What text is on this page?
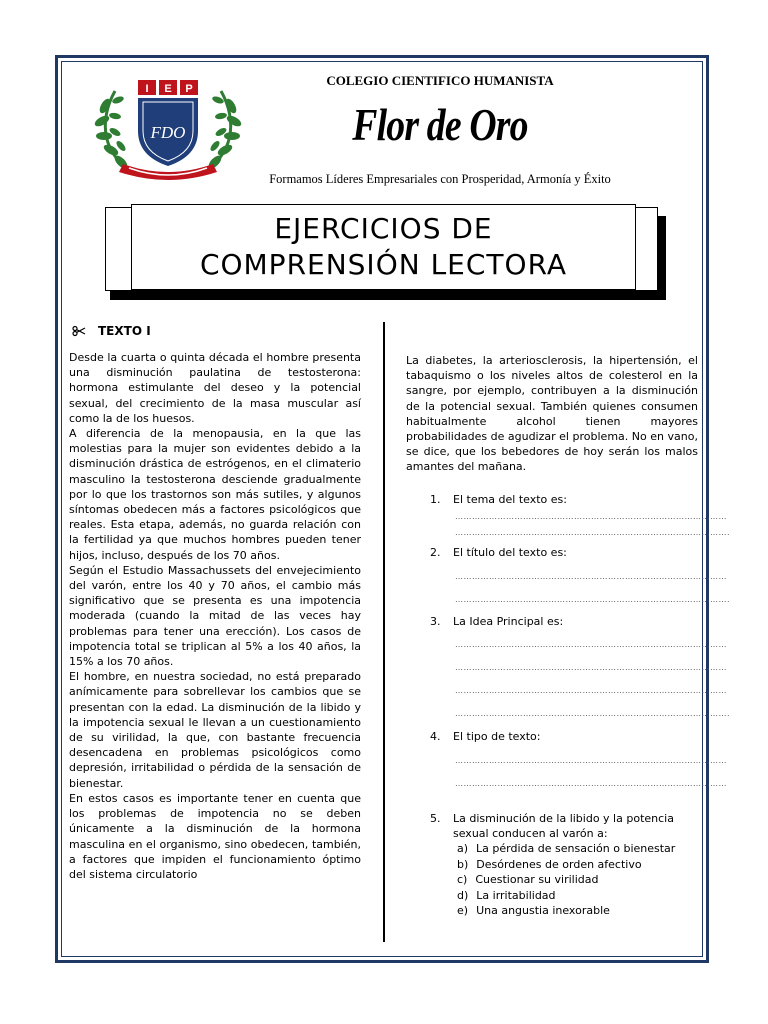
I E P
FDO
COLEGIO CIENTIFICO HUMANISTA
Flor de Oro
Formamos Líderes Empresariales con Prosperidad, Armonía y Éxito
EJERCICIOS DE
COMPRENSIÓN LECTORA
TEXTO I

Desde la cuarta o quinta década el hombre presenta una disminución paulatina de testosterona: hormona estimulante del deseo y la potencial sexual, del crecimiento de la masa muscular así como la de los huesos.

A diferencia de la menopausia, en la que las molestias para la mujer son evidentes debido a la disminución drástica de estrógenos, en el climaterio masculino la testosterona desciende gradualmente por lo que los trastornos son más sutiles, y algunos síntomas obedecen más a factores psicológicos que reales. Esta etapa, además, no guarda relación con la fertilidad ya que muchos hombres pueden tener hijos, incluso, después de los 70 años.

Según el Estudio Massachussets del envejecimiento del varón, entre los 40 y 70 años, el cambio más significativo que se presenta es una impotencia moderada (cuando la mitad de las veces hay problemas para tener una erección). Los casos de impotencia total se triplican al 5% a los 40 años, la 15% a los 70 años.

El hombre, en nuestra sociedad, no está preparado anímicamente para sobrellevar los cambios que se presentan con la edad. La disminución de la libido y la impotencia sexual le llevan a un cuestionamiento de su virilidad, la que, con bastante frecuencia desencadena en problemas psicológicos como depresión, irritabilidad o pérdida de la sensación de bienestar.

En estos casos es importante tener en cuenta que los problemas de impotencia no se deben únicamente a la disminución de la hormona masculina en el organismo, sino obedecen, también, a factores que impiden el funcionamiento óptimo del sistema circulatorio

La diabetes, la arteriosclerosis, la hipertensión, el tabaquismo o los niveles altos de colesterol en la sangre, por ejemplo, contribuyen a la disminución de la potencial sexual. También quienes consumen habitualmente alcohol tienen mayores probabilidades de agudizar el problema. No en vano, se dice, que los bebedores de hoy serán los malos amantes del mañana.
1. El tema del texto es:
……………………………………………………………………………………
…………………………………………………………………………………….
2. El título del texto es:
……………………………………………………………………………………
…………………………………………………………………………………….
3. La Idea Principal es:
……………………………………………………………………………………
……………………………………………………………………………………
……………………………………………………………………………………
…………………………………………………………………………………….
4. El tipo de texto:
……………………………………………………………………………………
……………………………………………………………………………………
5. La disminución de la libido y la potencia sexual conducen al varón a:
a) La pérdida de sensación o bienestar
b) Desórdenes de orden afectivo
c) Cuestionar su virilidad
d) La irritabilidad
e) Una angustia inexorable
